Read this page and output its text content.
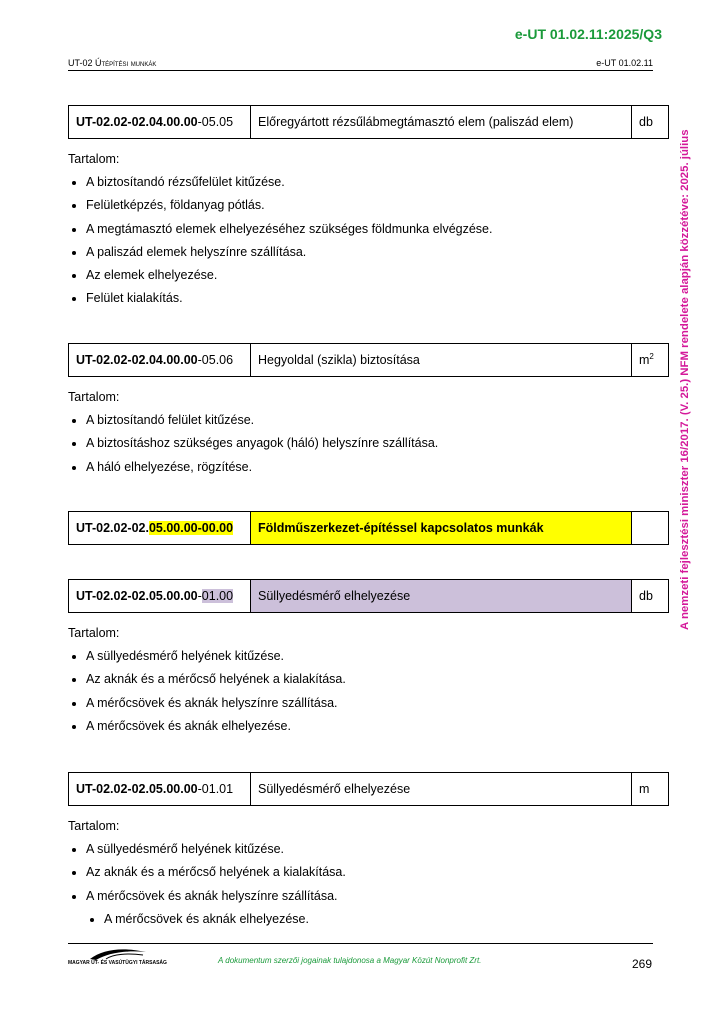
e-UT 01.02.11:2025/Q3
UT-02 Útépítési munkák	e-UT 01.02.11
A nemzeti fejlesztési miniszter 16/2017. (V. 25.) NFM rendelete alapján közzétéve: 2025. július
UT-02.02-02.04.00.00-05.05	Előregyártott rézsűlábmegtámasztó elem (paliszád elem)	db
Tartalom:
• A biztosítandó rézsűfelület kitűzése.
• Felületképzés, földanyag pótlás.
• A megtámasztó elemek elhelyezéséhez szükséges földmunka elvégzése.
• A paliszád elemek helyszínre szállítása.
• Az elemek elhelyezése.
• Felület kialakítás.
UT-02.02-02.04.00.00-05.06	Hegyoldal (szikla) biztosítása	$m^2$
Tartalom:
• A biztosítandó felület kitűzése.
• A biztosításhoz szükséges anyagok (háló) helyszínre szállítása.
• A háló elhelyezése, rögzítése.
UT-02.02-02.05.00.00-00.00	Földműszerkezet-építéssel kapcsolatos munkák	
UT-02.02-02.05.00.00-01.00	Süllyedésmérő elhelyezése	db
Tartalom:
• A süllyedésmérő helyének kitűzése.
• Az aknák és a mérőcső helyének a kialakítása.
• A mérőcsövek és aknák helyszínre szállítása.
• A mérőcsövek és aknák elhelyezése.
UT-02.02-02.05.00.00-01.01	Süllyedésmérő elhelyezése	m
Tartalom:
• A süllyedésmérő helyének kitűzése.
• Az aknák és a mérőcső helyének a kialakítása.
• A mérőcsövek és aknák helyszínre szállítása.
• A mérőcsövek és aknák elhelyezése.
MAGYAR ÚT- ÉS VASÚTÜGYI TÁRSASÁG	A dokumentum szerzői jogainak tulajdonosa a Magyar Közút Nonprofit Zrt.	269
